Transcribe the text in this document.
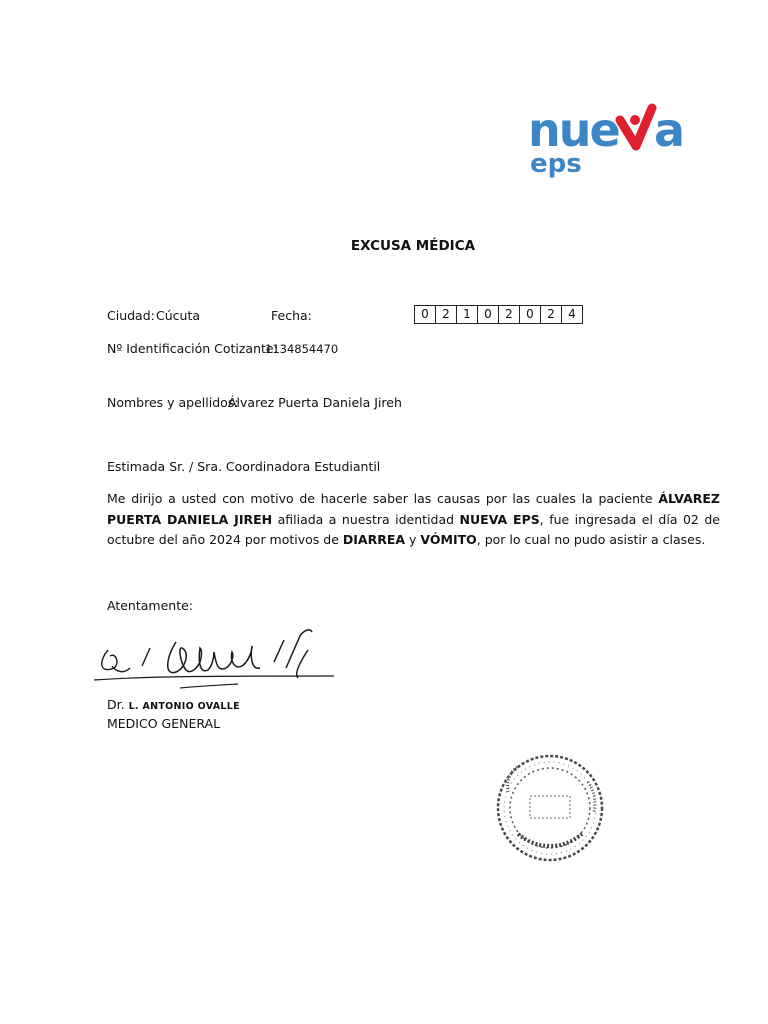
nue a
eps
EXCUSA MÉDICA
Ciudad: Cúcuta	Fecha:	0	2	1	0	2	0	2	4
Nº Identificación Cotizante:
1134854470
Nombres y apellidos:
Álvarez Puerta Daniela Jireh
Estimada Sr. / Sra. Coordinadora Estudiantil
Me dirijo a usted con motivo de hacerle saber las causas por las cuales la paciente ÁLVAREZ PUERTA DANIELA JIREH afiliada a nuestra identidad NUEVA EPS, fue ingresada el día 02 de octubre del año 2024 por motivos de DIARREA y VÓMITO, por lo cual no pudo asistir a clases.
Atentamente:
Dr. L. ANTONIO OVALLE
MEDICO GENERAL
